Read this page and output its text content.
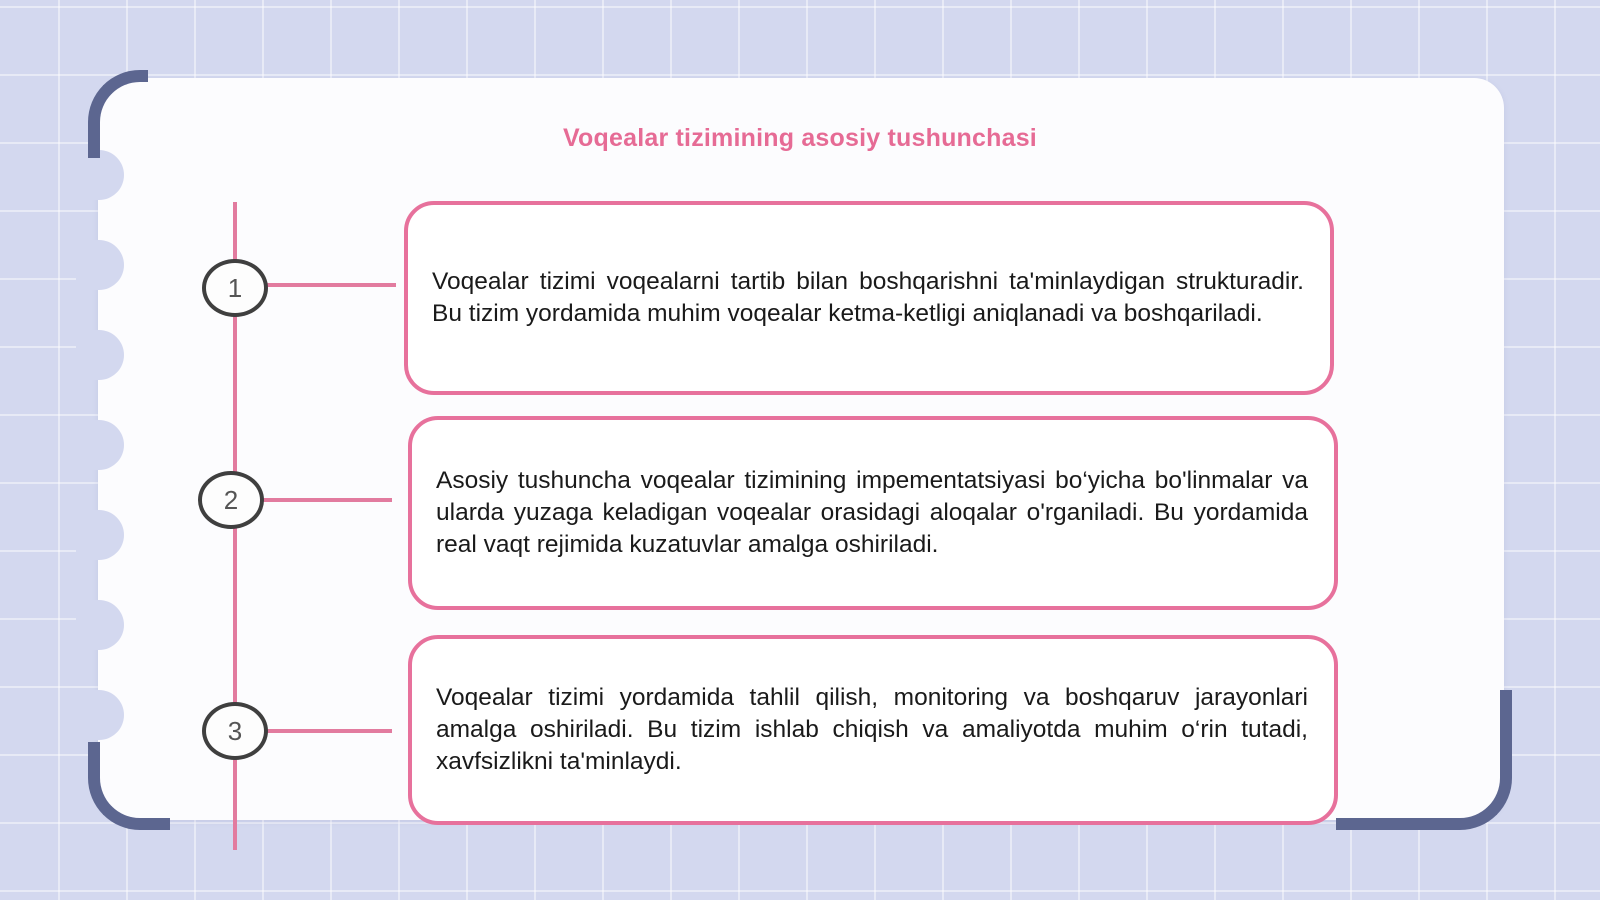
Voqealar tizimining asosiy tushunchasi
1
2
3

Voqealar tizimi voqealarni tartib bilan boshqarishni ta'minlaydigan strukturadir. Bu tizim yordamida muhim voqealar ketma-ketligi aniqlanadi va boshqariladi.

Asosiy tushuncha voqealar tizimining impementatsiyasi bo‘yicha bo'linmalar va ularda yuzaga keladigan voqealar orasidagi aloqalar o'rganiladi. Bu yordamida real vaqt rejimida kuzatuvlar amalga oshiriladi.

Voqealar tizimi yordamida tahlil qilish, monitoring va boshqaruv jarayonlari amalga oshiriladi. Bu tizim ishlab chiqish va amaliyotda muhim o‘rin tutadi, xavfsizlikni ta'minlaydi.
